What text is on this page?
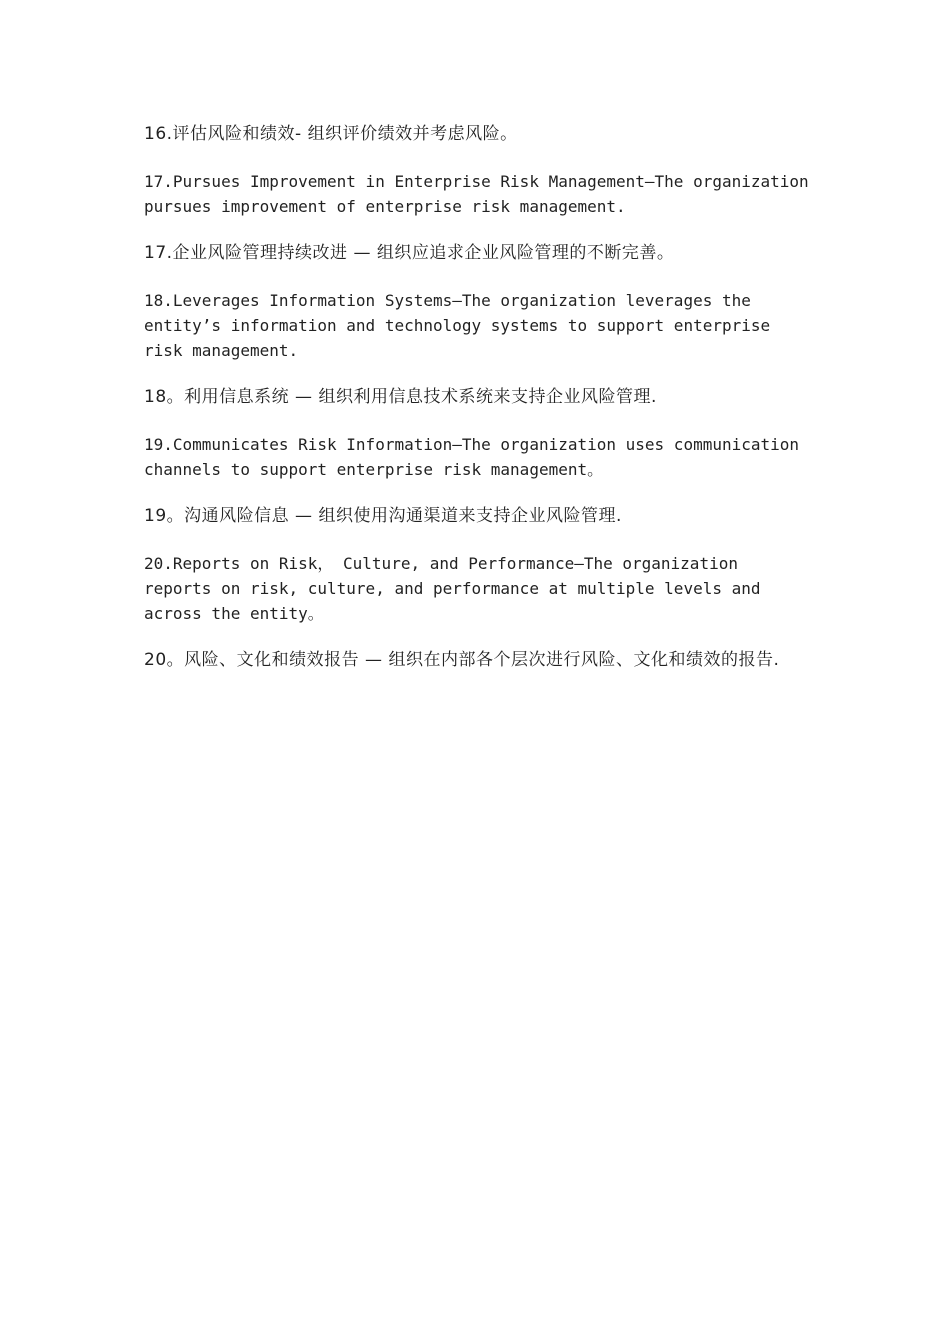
16.评估风险和绩效- 组织评价绩效并考虑风险。

17.Pursues Improvement in Enterprise Risk Management—The organization pursues improvement of enterprise risk management.

17.企业风险管理持续改进 — 组织应追求企业风险管理的不断完善。

18.Leverages Information Systems—The organization leverages the entity’s information and technology systems to support enterprise risk management.

18。利用信息系统 — 组织利用信息技术系统来支持企业风险管理.

19.Communicates Risk Information—The organization uses communication channels to support enterprise risk management。

19。沟通风险信息 — 组织使用沟通渠道来支持企业风险管理.

20.Reports on Risk， Culture, and Performance—The organization reports on risk, culture, and performance at multiple levels and across the entity。

20。风险、文化和绩效报告 — 组织在内部各个层次进行风险、文化和绩效的报告.
